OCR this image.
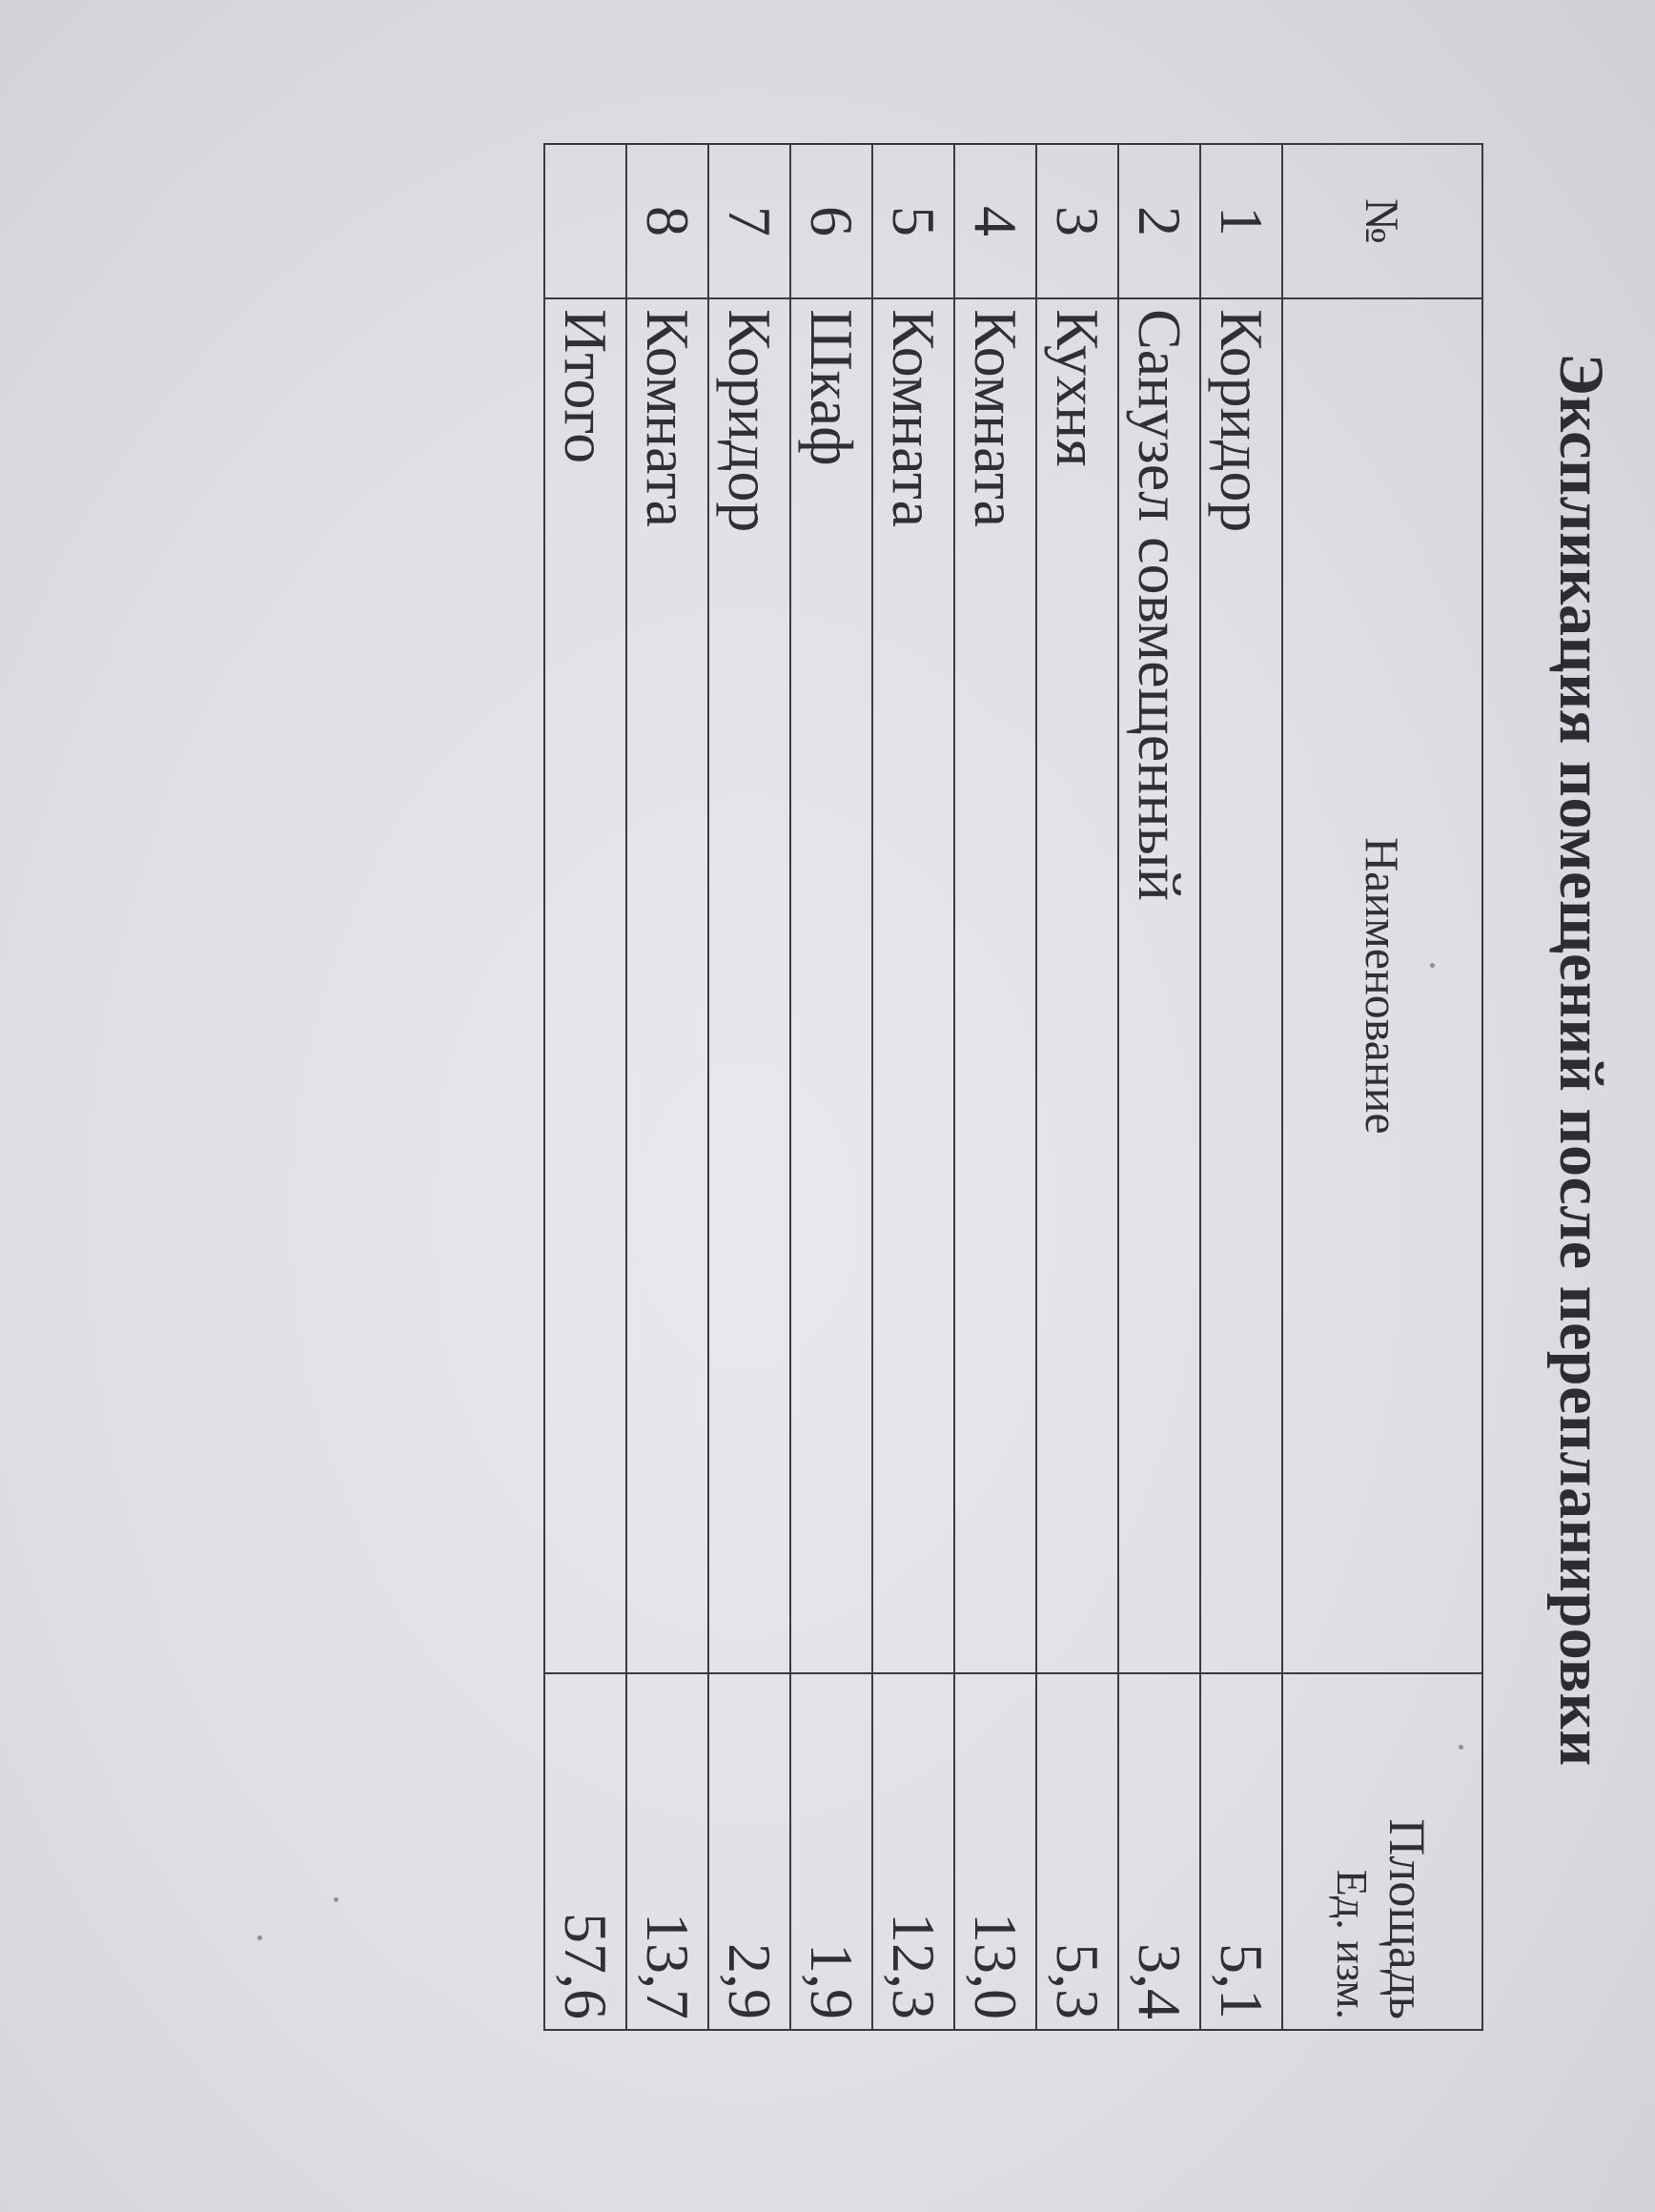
Экспликация помещений после перепланировки
№	Наименование	Площадь
Ед. изм.

1	Коридор	5,1
2	Санузел совмещенный	3,4
3	Кухня	5,3
4	Комната	13,0
5	Комната	12,3
6	Шкаф	1,9
7	Коридор	2,9
8	Комната	13,7
	Итого	57,6
